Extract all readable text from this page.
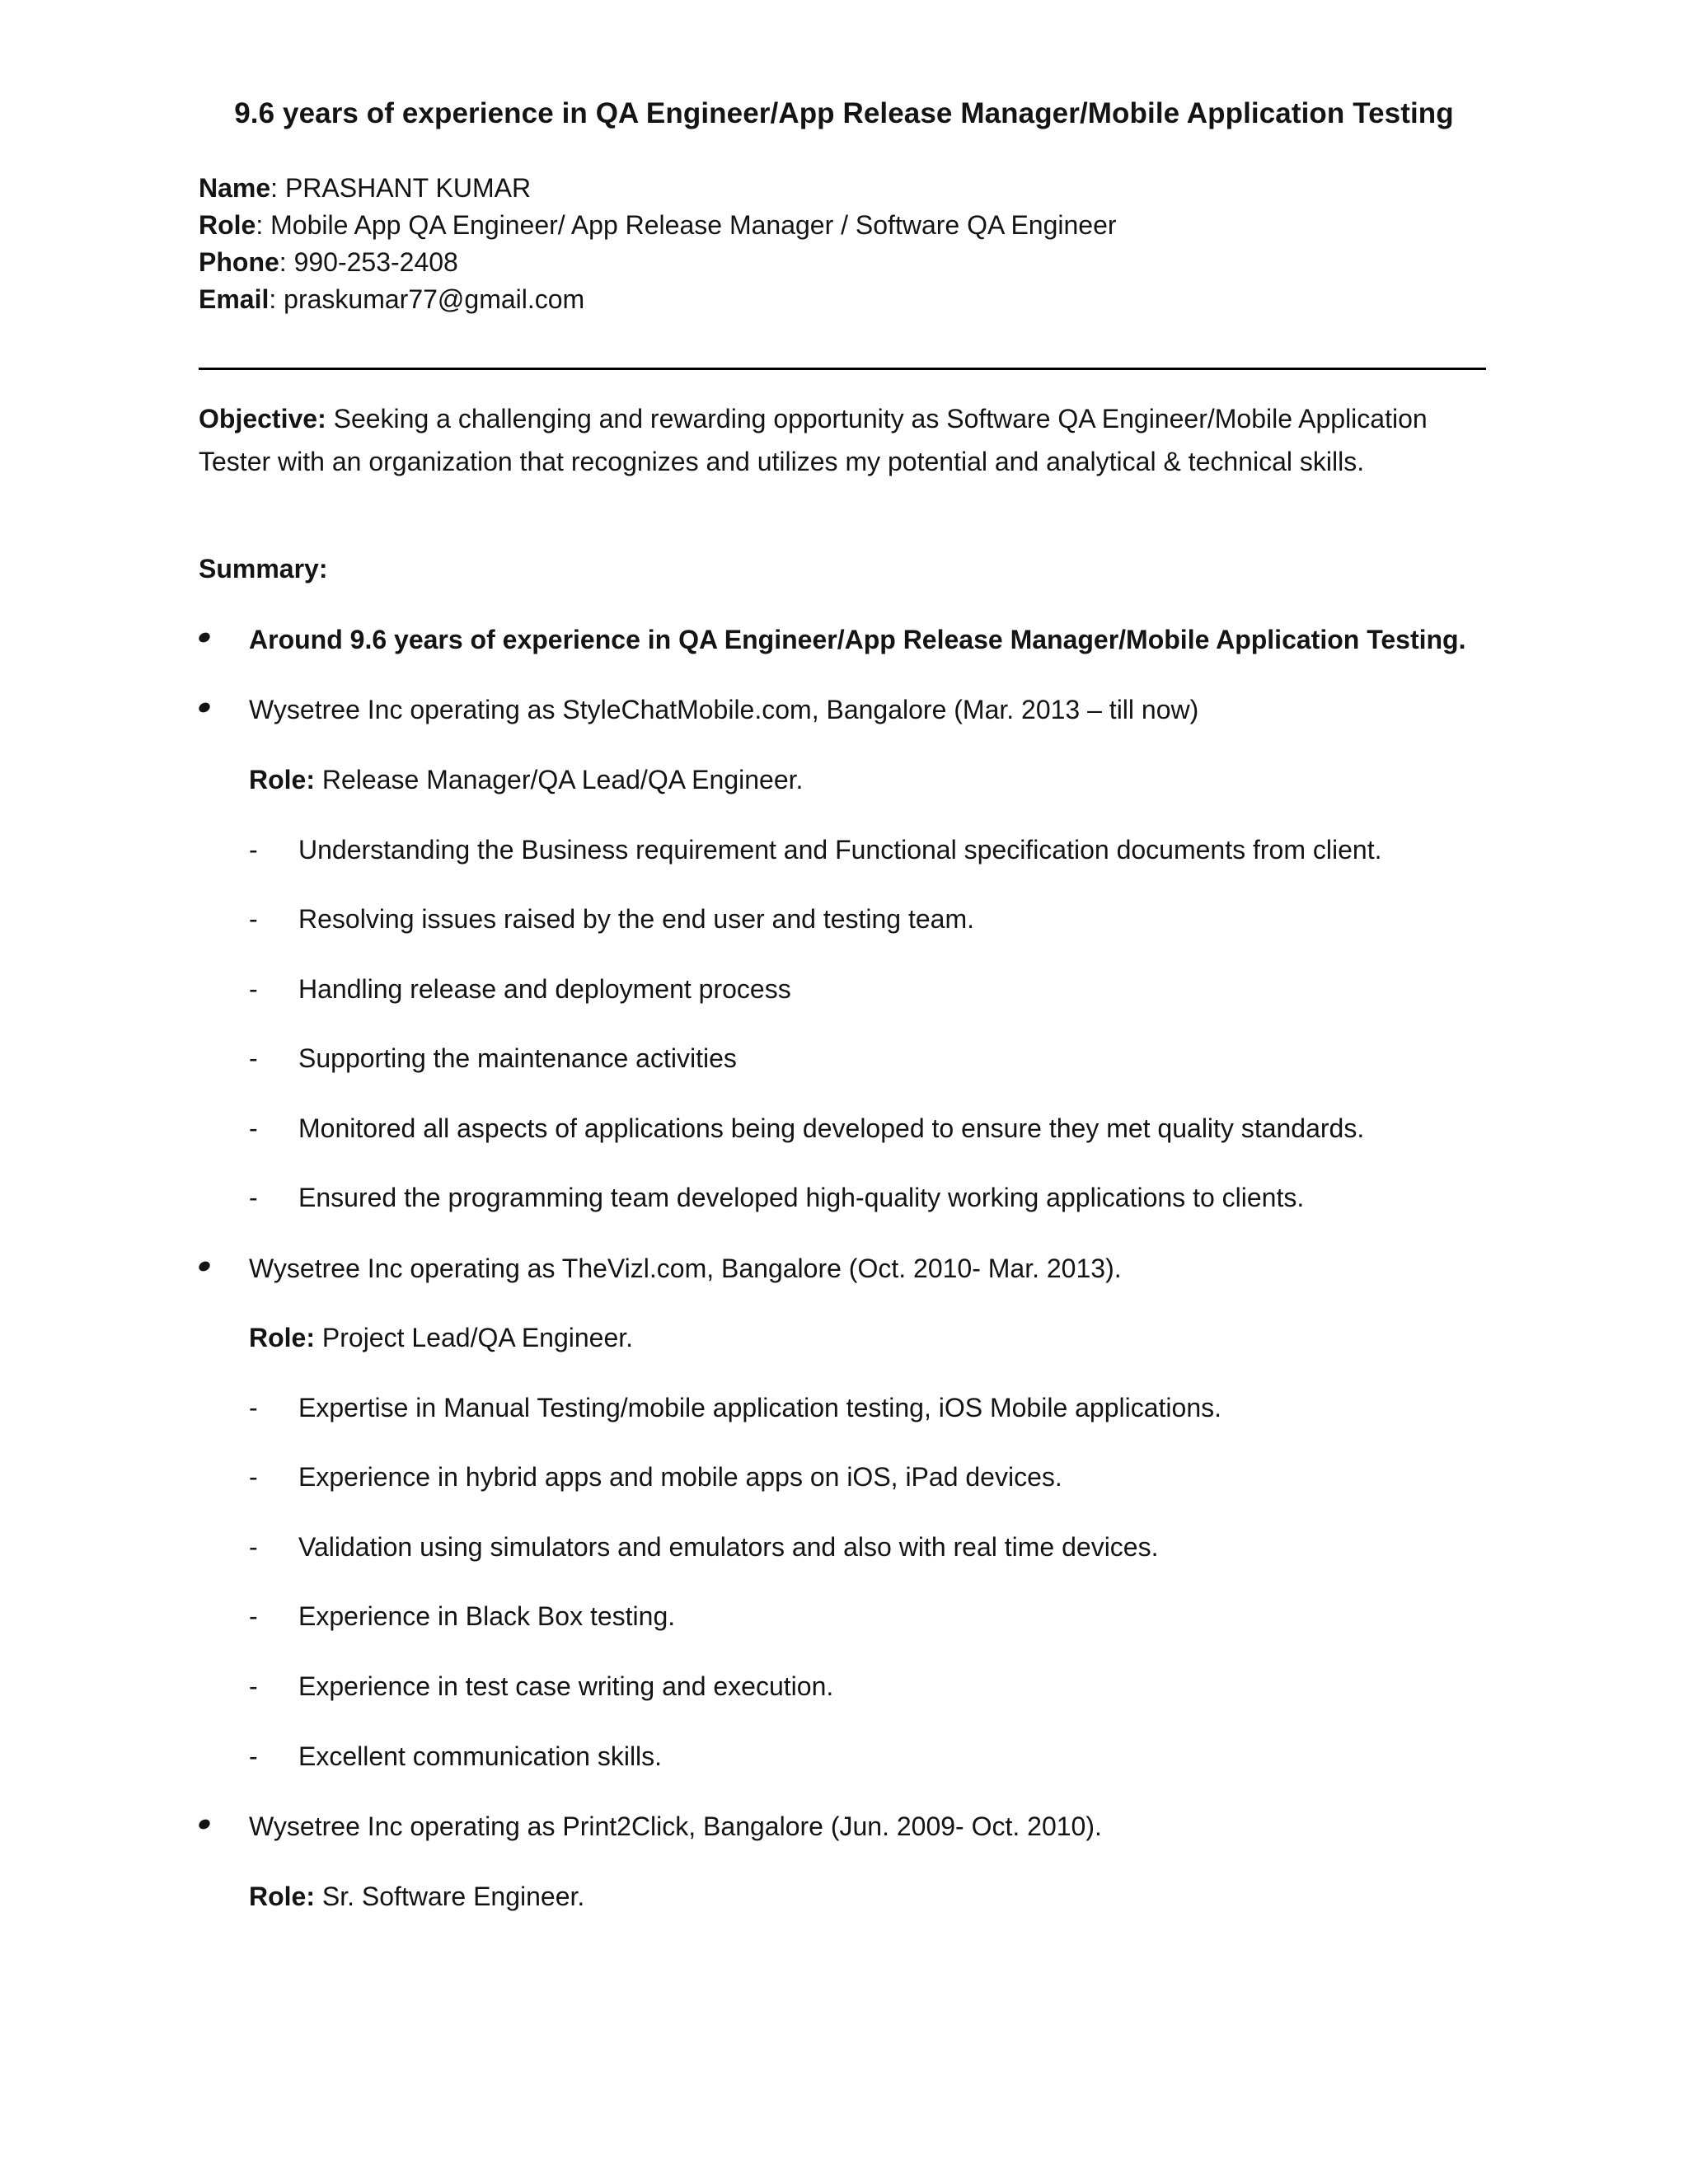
9.6 years of experience in QA Engineer/App Release Manager/Mobile Application Testing
Name: PRASHANT KUMAR
Role: Mobile App QA Engineer/ App Release Manager / Software QA Engineer
Phone: 990-253-2408
Email: praskumar77@gmail.com
Objective: Seeking a challenging and rewarding opportunity as Software QA Engineer/Mobile Application Tester with an organization that recognizes and utilizes my potential and analytical & technical skills.
Summary:
Around 9.6 years of experience in QA Engineer/App Release Manager/Mobile Application Testing.
Wysetree Inc operating as StyleChatMobile.com, Bangalore (Mar. 2013 – till now)
Role: Release Manager/QA Lead/QA Engineer.
- Understanding the Business requirement and Functional specification documents from client.
- Resolving issues raised by the end user and testing team.
- Handling release and deployment process
- Supporting the maintenance activities
- Monitored all aspects of applications being developed to ensure they met quality standards.
- Ensured the programming team developed high-quality working applications to clients.
Wysetree Inc operating as TheVizl.com, Bangalore (Oct. 2010- Mar. 2013).
Role: Project Lead/QA Engineer.
- Expertise in Manual Testing/mobile application testing, iOS Mobile applications.
- Experience in hybrid apps and mobile apps on iOS, iPad devices.
- Validation using simulators and emulators and also with real time devices.
- Experience in Black Box testing.
- Experience in test case writing and execution.
- Excellent communication skills.
Wysetree Inc operating as Print2Click, Bangalore (Jun. 2009- Oct. 2010).
Role: Sr. Software Engineer.
